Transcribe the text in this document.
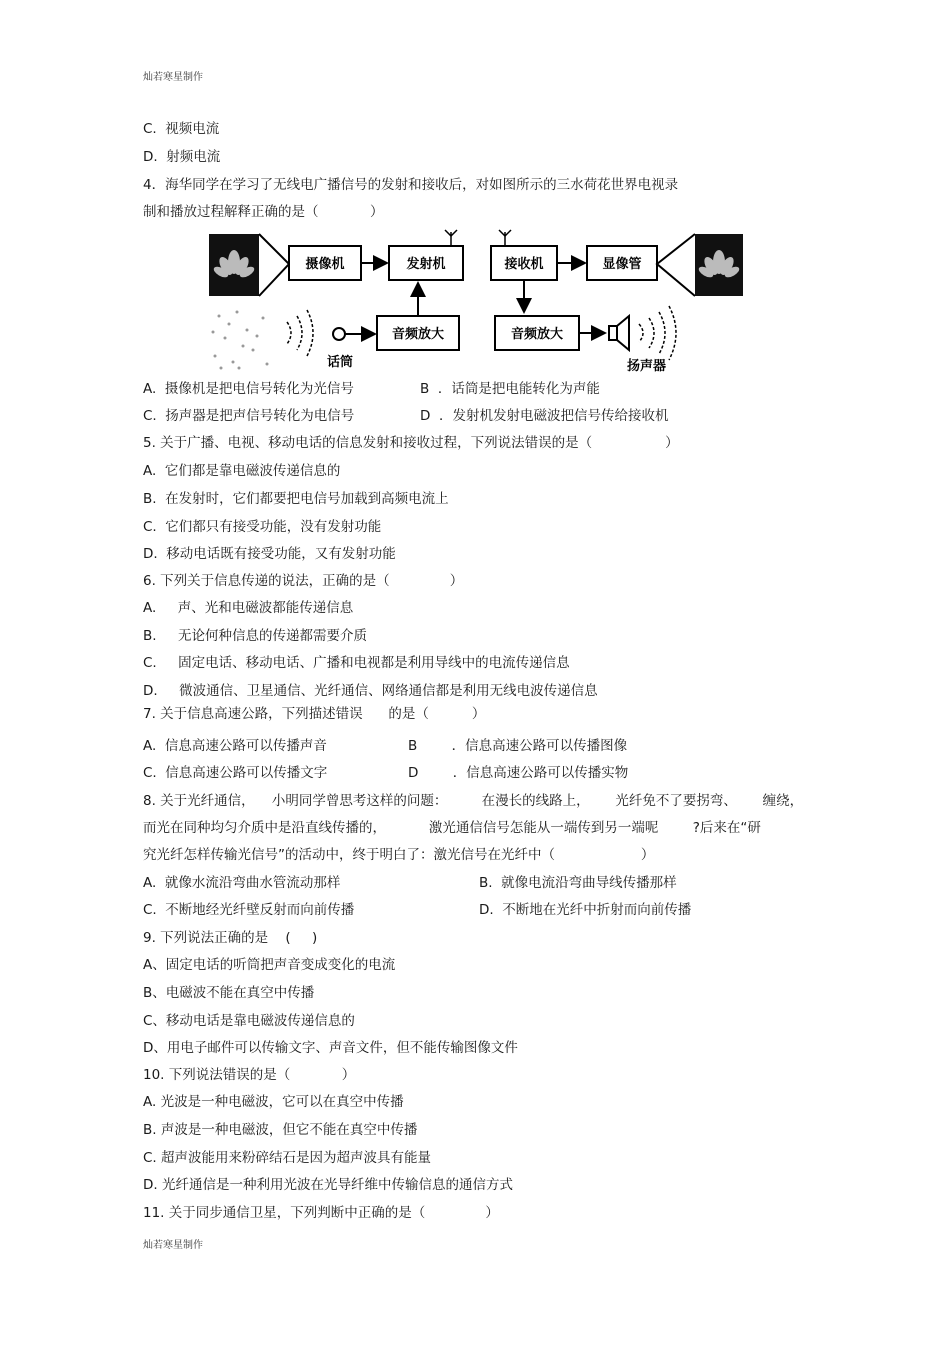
灿若寒星制作
C.  视频电流
D.  射频电流
4．海华同学在学习了无线电广播信号的发射和接收后，对如图所示的三水荷花世界电视录
制和播放过程解释正确的是（            ）
摄像机	发射机
音频放大
话筒
接收机	显像管
音频放大
扬声器
A.  摄像机是把电信号转化为光信号	B  ．话筒是把电能转化为声能
C.  扬声器是把声信号转化为电信号	D  ．发射机发射电磁波把信号传给接收机
5. 关于广播、电视、移动电话的信息发射和接收过程，下列说法错误的是（                 ）
A.  它们都是靠电磁波传递信息的
B.  在发射时，它们都要把电信号加载到高频电流上
C.  它们都只有接受功能，没有发射功能
D.  移动电话既有接受功能，又有发射功能
6. 下列关于信息传递的说法，正确的是（              ）
A.     声、光和电磁波都能传递信息
B.     无论何种信息的传递都需要介质
C.     固定电话、移动电话、广播和电视都是利用导线中的电流传递信息
D.     微波通信、卫星通信、光纤通信、网络通信都是利用无线电波传递信息
7. 关于信息高速公路，下列描述错误      的是（          ）
A.  信息高速公路可以传播声音	B        ．信息高速公路可以传播图像
C.  信息高速公路可以传播文字	D        ．信息高速公路可以传播实物
8. 关于光纤通信，    小明同学曾思考这样的问题：        在漫长的线路上，      光纤免不了要拐弯、      缠绕，
而光在同种均匀介质中是沿直线传播的，          激光通信信号怎能从一端传到另一端呢        ?后来在“研
究光纤怎样传输光信号”的活动中，终于明白了：激光信号在光纤中（                    ）
A.  就像水流沿弯曲水管流动那样	B.  就像电流沿弯曲导线传播那样
C.  不断地经光纤壁反射而向前传播	D.  不断地在光纤中折射而向前传播
9. 下列说法正确的是    (     )
A、固定电话的听筒把声音变成变化的电流
B、电磁波不能在真空中传播
C、移动电话是靠电磁波传递信息的
D、用电子邮件可以传输文字、声音文件，但不能传输图像文件
10. 下列说法错误的是（            ）
A. 光波是一种电磁波，它可以在真空中传播
B. 声波是一种电磁波，但它不能在真空中传播
C. 超声波能用来粉碎结石是因为超声波具有能量
D. 光纤通信是一种利用光波在光导纤维中传输信息的通信方式
11. 关于同步通信卫星，下列判断中正确的是（              ）
灿若寒星制作
